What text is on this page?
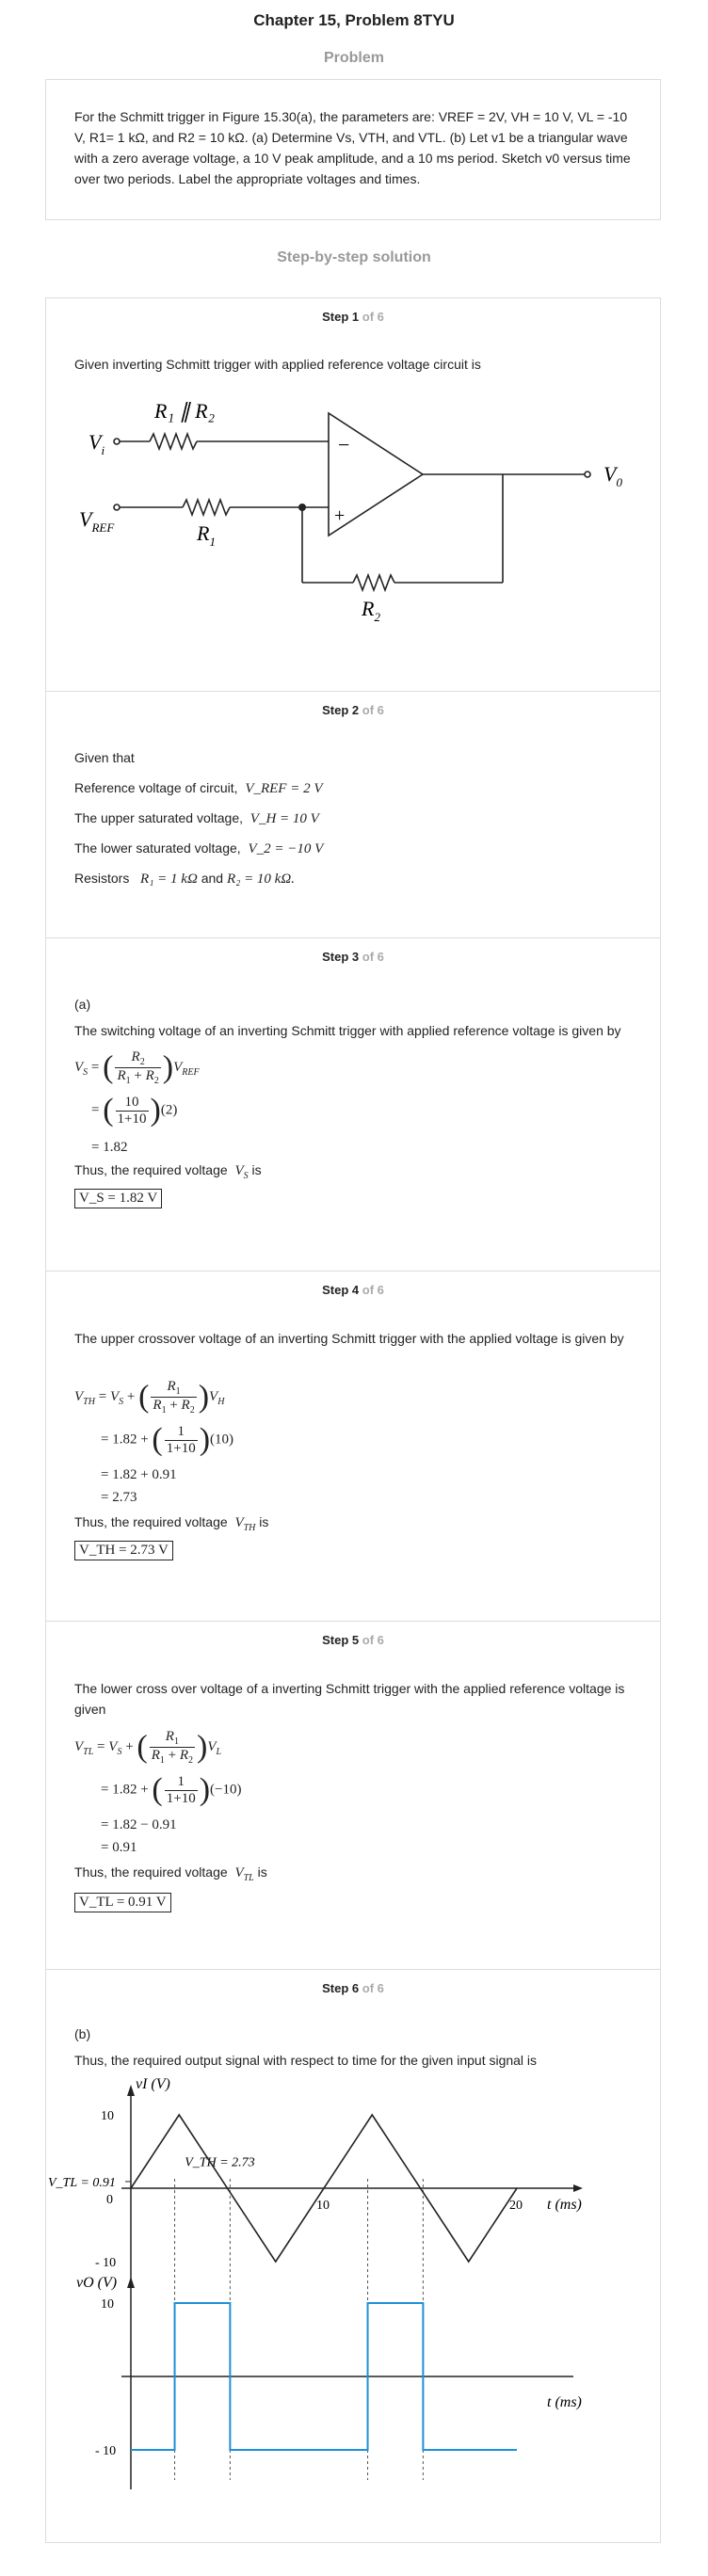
Chapter 15, Problem 8TYU
Problem
For the Schmitt trigger in Figure 15.30(a), the parameters are: VREF = 2V, VH = 10 V, VL = -10 V, R1= 1 kΩ, and R2 = 10 kΩ. (a) Determine Vs, VTH, and VTL. (b) Let v1 be a triangular wave with a zero average voltage, a 10 V peak amplitude, and a 10 ms period. Sketch v0 versus time over two periods. Label the appropriate voltages and times.
Step-by-step solution
Step 1 of 6
Given inverting Schmitt trigger with applied reference voltage circuit is
−
+
$V_i$
$V_{REF}$
R₁ ∥ R₂
$R_1$
$R_2$
$V_0$
Step 2 of 6
Given that
Reference voltage of circuit, V_REF = 2 V
The upper saturated voltage, V_H = 10 V
The lower saturated voltage, V_2 = −10 V
Resistors R₁ = 1 kΩ and R₂ = 10 kΩ.
Step 3 of 6
(a)
The switching voltage of an inverting Schmitt trigger with applied reference voltage is given by
$V_S$ = ( $\frac{R_2}{R_1 + R_2} )V_{REF}$
= ( $\frac{10}{1+10} )(2)$
= 1.82
Thus, the required voltage $V_S$ is
V_S = 1.82 V
Step 4 of 6
The upper crossover voltage of an inverting Schmitt trigger with the applied voltage is given by
$V_{TH} = V_S$ + ( $\frac{R_1}{R_1 + R_2} )V_H$
= 1.82 + ( $\frac{1}{1+10} )(10)$
= 1.82 + 0.91
= 2.73
Thus, the required voltage $V_{TH}$ is
V_TH = 2.73 V
Step 5 of 6
The lower cross over voltage of a inverting Schmitt trigger with the applied reference voltage is given
$V_{TL} = V_S$ + ( $\frac{R_1}{R_1 + R_2} )V_L$
= 1.82 + ( $\frac{1}{1+10} )(-10)$
= 1.82 − 0.91
= 0.91
Thus, the required voltage $V_{TL}$ is
V_TL = 0.91 V
Step 6 of 6
(b)
Thus, the required output signal with respect to time for the given input signal is
vI (V)
vO (V)
t (ms)
t (ms)
10
0
- 10
10	20
10
- 10
V_TL = 0.91
V_TH = 2.73
